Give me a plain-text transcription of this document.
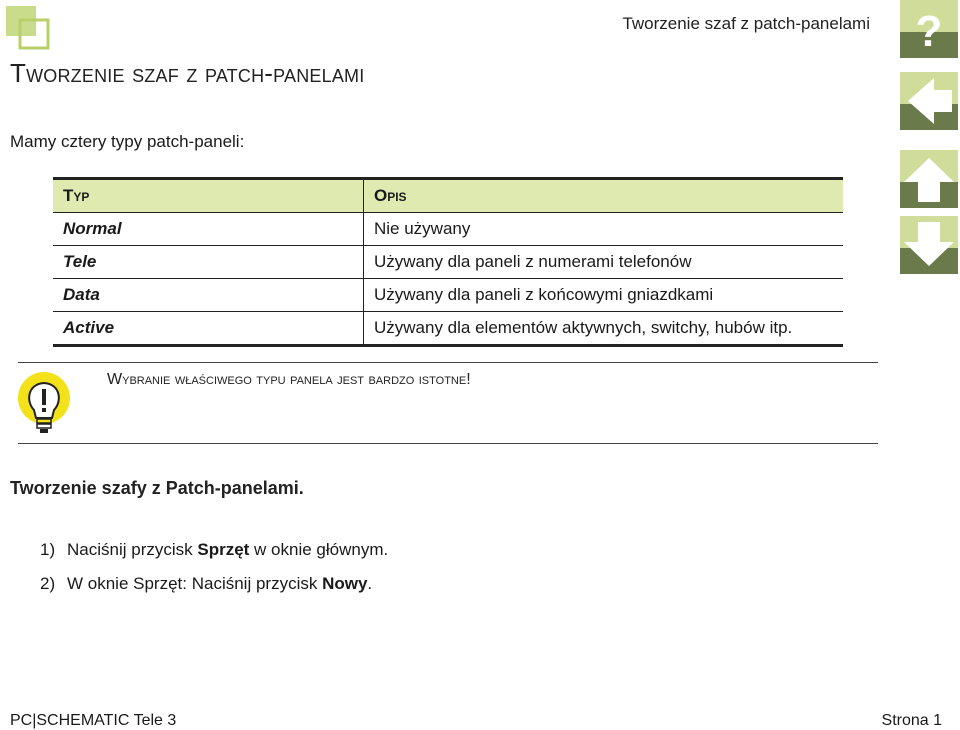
Tworzenie szaf z patch-panelami ?
Tworzenie szaf z patch-panelami
Mamy cztery typy patch-paneli:
Typ	Opis
Normal	Nie używany
Tele	Używany dla paneli z numerami telefonów
Data	Używany dla paneli z końcowymi gniazdkami
Active	Używany dla elementów aktywnych, switchy, hubów itp.
Wybranie właściwego typu panela jest bardzo istotne!
Tworzenie szafy z Patch-panelami.
1) Naciśnij przycisk Sprzęt w oknie głównym.
2) W oknie Sprzęt: Naciśnij przycisk Nowy.
PC|SCHEMATIC Tele 3	Strona 1
